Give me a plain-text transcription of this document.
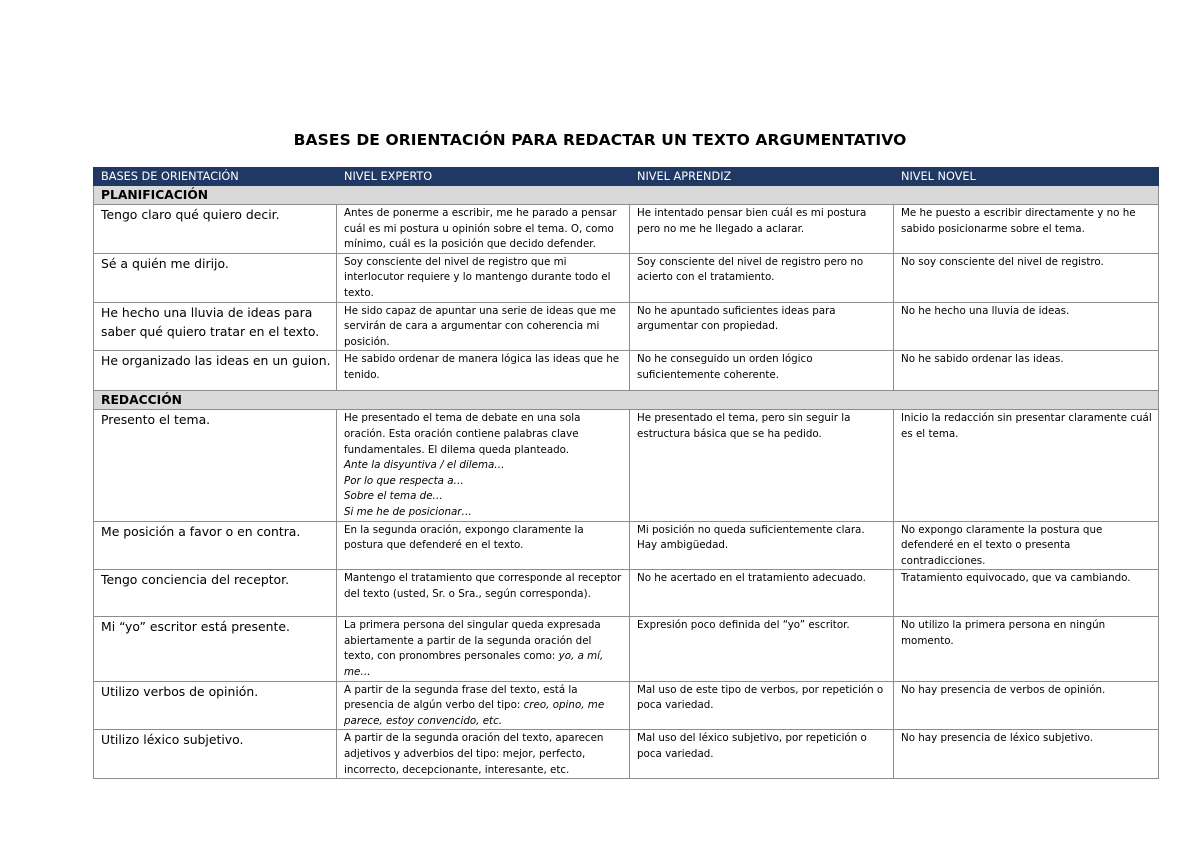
BASES DE ORIENTACIÓN PARA REDACTAR UN TEXTO ARGUMENTATIVO
BASES DE ORIENTACIÓN	NIVEL EXPERTO	NIVEL APRENDIZ	NIVEL NOVEL
PLANIFICACIÓN			
Tengo claro qué quiero decir.	Antes de ponerme a escribir, me he parado a pensar cuál es mi postura u opinión sobre el tema. O, como mínimo, cuál es la posición que decido defender.	He intentado pensar bien cuál es mi postura pero no me he llegado a aclarar.	Me he puesto a escribir directamente y no he sabido posicionarme sobre el tema.
Sé a quién me dirijo.	Soy consciente del nivel de registro que mi interlocutor requiere y lo mantengo durante todo el texto.	Soy consciente del nivel de registro pero no acierto con el tratamiento.	No soy consciente del nivel de registro.
He hecho una lluvia de ideas para saber qué quiero tratar en el texto.	He sido capaz de apuntar una serie de ideas que me servirán de cara a argumentar con coherencia mi posición.	No he apuntado suficientes ideas para argumentar con propiedad.	No he hecho una lluvia de ideas.
He organizado las ideas en un guion.	He sabido ordenar de manera lógica las ideas que he tenido.	No he conseguido un orden lógico suficientemente coherente.	No he sabido ordenar las ideas.
REDACCIÓN			
Presento el tema.	He presentado el tema de debate en una sola oración. Esta oración contiene palabras clave fundamentales. El dilema queda planteado.
Ante la disyuntiva / el dilema…
Por lo que respecta a…
Sobre el tema de…
Si me he de posicionar…	He presentado el tema, pero sin seguir la estructura básica que se ha pedido.	Inicio la redacción sin presentar claramente cuál es el tema.
Me posición a favor o en contra.	En la segunda oración, expongo claramente la postura que defenderé en el texto.	Mi posición no queda suficientemente clara. Hay ambigüedad.	No expongo claramente la postura que defenderé en el texto o presenta contradicciones.
Tengo conciencia del receptor.	Mantengo el tratamiento que corresponde al receptor del texto (usted, Sr. o Sra., según corresponda).	No he acertado en el tratamiento adecuado.	Tratamiento equivocado, que va cambiando.
Mi “yo” escritor está presente.	La primera persona del singular queda expresada abiertamente a partir de la segunda oración del texto, con pronombres personales como: yo, a mí, me…	Expresión poco definida del “yo” escritor.	No utilizo la primera persona en ningún momento.
Utilizo verbos de opinión.	A partir de la segunda frase del texto, está la presencia de algún verbo del tipo: creo, opino, me parece, estoy convencido, etc.	Mal uso de este tipo de verbos, por repetición o poca variedad.	No hay presencia de verbos de opinión.
Utilizo léxico subjetivo.	A partir de la segunda oración del texto, aparecen adjetivos y adverbios del tipo: mejor, perfecto, incorrecto, decepcionante, interesante, etc.	Mal uso del léxico subjetivo, por repetición o poca variedad.	No hay presencia de léxico subjetivo.
